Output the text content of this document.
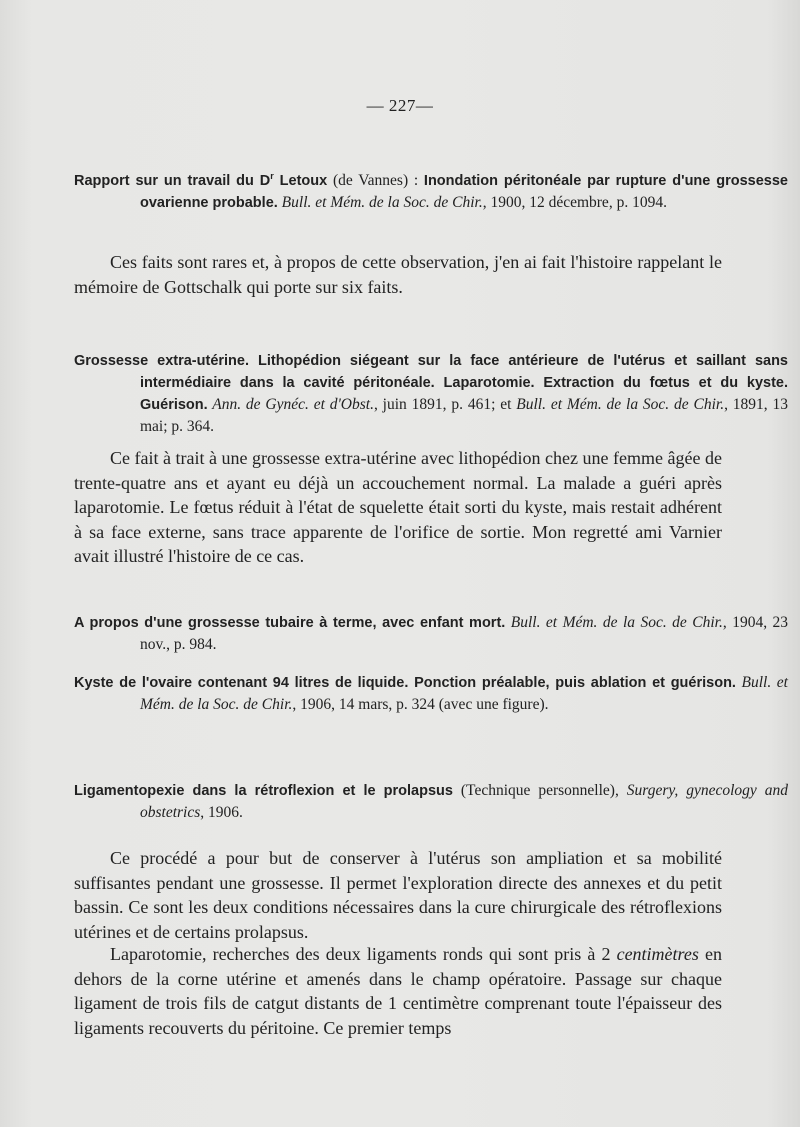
— 227—
Rapport sur un travail du $D^r$ Letoux (de Vannes) : Inondation péritonéale par rupture d'une grossesse ovarienne probable. Bull. et Mém. de la Soc. de Chir., 1900, 12 décembre, p. 1094.
Ces faits sont rares et, à propos de cette observation, j'en ai fait l'histoire rappelant le mémoire de Gottschalk qui porte sur six faits.
Grossesse extra-utérine. Lithopédion siégeant sur la face antérieure de l'utérus et saillant sans intermédiaire dans la cavité péritonéale. Laparotomie. Extraction du fœtus et du kyste. Guérison. Ann. de Gynéc. et d'Obst., juin 1891, p. 461; et Bull. et Mém. de la Soc. de Chir., 1891, 13 mai; p. 364.
Ce fait à trait à une grossesse extra-utérine avec lithopédion chez une femme âgée de trente-quatre ans et ayant eu déjà un accouchement normal. La malade a guéri après laparotomie. Le fœtus réduit à l'état de squelette était sorti du kyste, mais restait adhérent à sa face externe, sans trace apparente de l'orifice de sortie. Mon regretté ami Varnier avait illustré l'histoire de ce cas.
A propos d'une grossesse tubaire à terme, avec enfant mort. Bull. et Mém. de la Soc. de Chir., 1904, 23 nov., p. 984.
Kyste de l'ovaire contenant 94 litres de liquide. Ponction préalable, puis ablation et guérison. Bull. et Mém. de la Soc. de Chir., 1906, 14 mars, p. 324 (avec une figure).
Ligamentopexie dans la rétroflexion et le prolapsus (Technique personnelle), Surgery, gynecology and obstetrics, 1906.
Ce procédé a pour but de conserver à l'utérus son ampliation et sa mobilité suffisantes pendant une grossesse. Il permet l'exploration directe des annexes et du petit bassin. Ce sont les deux conditions nécessaires dans la cure chirurgicale des rétroflexions utérines et de certains prolapsus.
Laparotomie, recherches des deux ligaments ronds qui sont pris à 2 centimètres en dehors de la corne utérine et amenés dans le champ opératoire. Passage sur chaque ligament de trois fils de catgut distants de 1 centimètre comprenant toute l'épaisseur des ligaments recouverts du péritoine. Ce premier temps
